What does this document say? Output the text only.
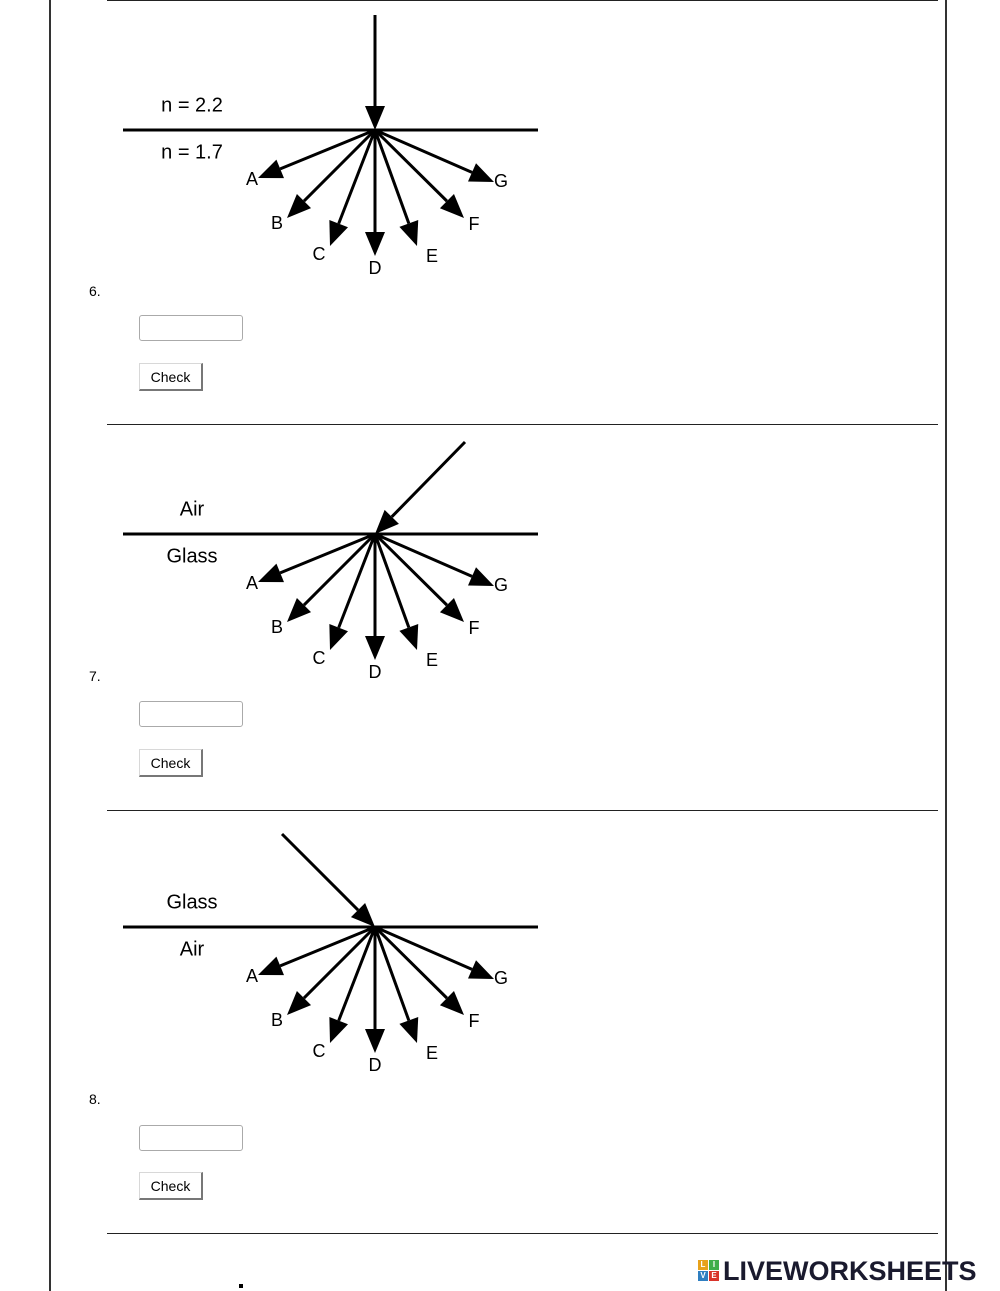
n = 2.2
n = 1.7
A
B
C
D
E
F
G
6.
Check
Air
Glass
A
B
C
D
E
F
G
7.
Check
Glass
Air
A
B
C
D
E
F
G
8.
Check
L I
V E LIVEWORKSHEETS
